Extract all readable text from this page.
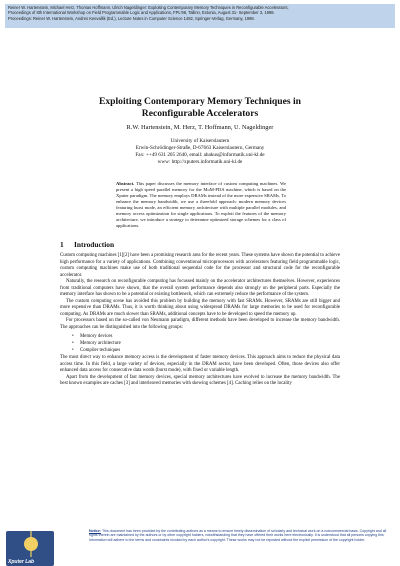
Reiner W. Hartenstein, Michael Herz, Thomas Hoffmann, Ulrich Nageldinger: Exploiting Contemporary Memory Techniques in Reconfigurable Accelerators;
Proceedings of 8th International Workshop on Field Programmable Logic and Applications, FPL'98, Tallinn, Estonia, August 31- September 3, 1998.
Proceedings: Reiner W. Hartenstein, Andres Keevallik (Ed.), Lecture Notes in Computer Science 1482, Springer-Verlag, Germany, 1998.
Exploiting Contemporary Memory Techniques in
Reconfigurable Accelerators
R.W. Hartenstein, M. Herz, T. Hoffmann, U. Nageldinger
University of Kaiserslautern
Erwin-Schrödinger-Straße, D-67663 Kaiserslautern, Germany
Fax: ++49 631 205 2640, email: abakus@informatik.uni-kl.de
www: http://xputers.informatik.uni-kl.de
Abstract. This paper discusses the memory interface of custom computing machines. We present a high speed parallel memory for the MoM-PDA machine, which is based on the Xputer paradigm. The memory employs DRAMs instead of the more expensive SRAMs. To enhance the memory bandwidth, we use a threefold approach: modern memory devices featuring burst mode, an efficient memory architecture with multiple parallel modules, and memory access optimization for single applications. To exploit the features of the memory architecture, we introduce a strategy to determine optimized storage schemes for a class of applications.
1 Introduction

Custom computing machines [1][2] have been a promising research area for the recent years. These systems have shown the potential to achieve high performance for a variety of applications. Combining conventional microprocessors with accelerators featuring field programmable logic, custom computing machines make use of both traditional sequential code for the processor and structural code for the reconfigurable accelerator.

Naturally, the research on reconfigurable computing has focussed mainly on the accelerator architectures themselves. However, experiences from traditional computers have shown, that the overall system performance depends also strongly on the peripheral parts. Especially the memory interface has shown to be a potential or existing bottleneck, which can extremely reduce the performance of the system.

The custom computing scene has avoided this problem by building the memory with fast SRAMs. However, SRAMs are still bigger and more expensive than DRAMs. Thus, it is worth thinking about using widespread DRAMs for large memories to be used for reconfigurable computing. As DRAMs are much slower than SRAMs, additional concepts have to be developed to speed the memory up.

For processors based on the so-called von Neumann paradigm, different methods have been developed to increase the memory bandwidth. The approaches can be distinguished into the following groups:

• Memory devices
• Memory architecture
• Compiler techniques

The most direct way to enhance memory access is the development of faster memory devices. This approach aims to reduce the physical data access time. In this field, a large variety of devices, especially in the DRAM sector, have been developed. Often, those devices also offer enhanced data access for consecutive data words (burst mode), with fixed or variable length.

Apart from the development of fast memory devices, special memory architectures have evolved to increase the memory bandwidth. The best known examples are caches [3] and interleaved memories with skewing schemes [4]. Caching relies on the locality

Xputer Lab
Notice: This document has been provided by the contributing authors as a means to ensure timely dissemination of scholarly and technical work on a noncommercial basis. Copyright and all rights therein are maintained by the authors or by other copyright holders, notwithstanding that they have offered their works here electronically. It is understood that all persons copying this information will adhere to the terms and constraints invoked by each author's copyright. These works may not be reposted without the explicit permission of the copyright holder.
